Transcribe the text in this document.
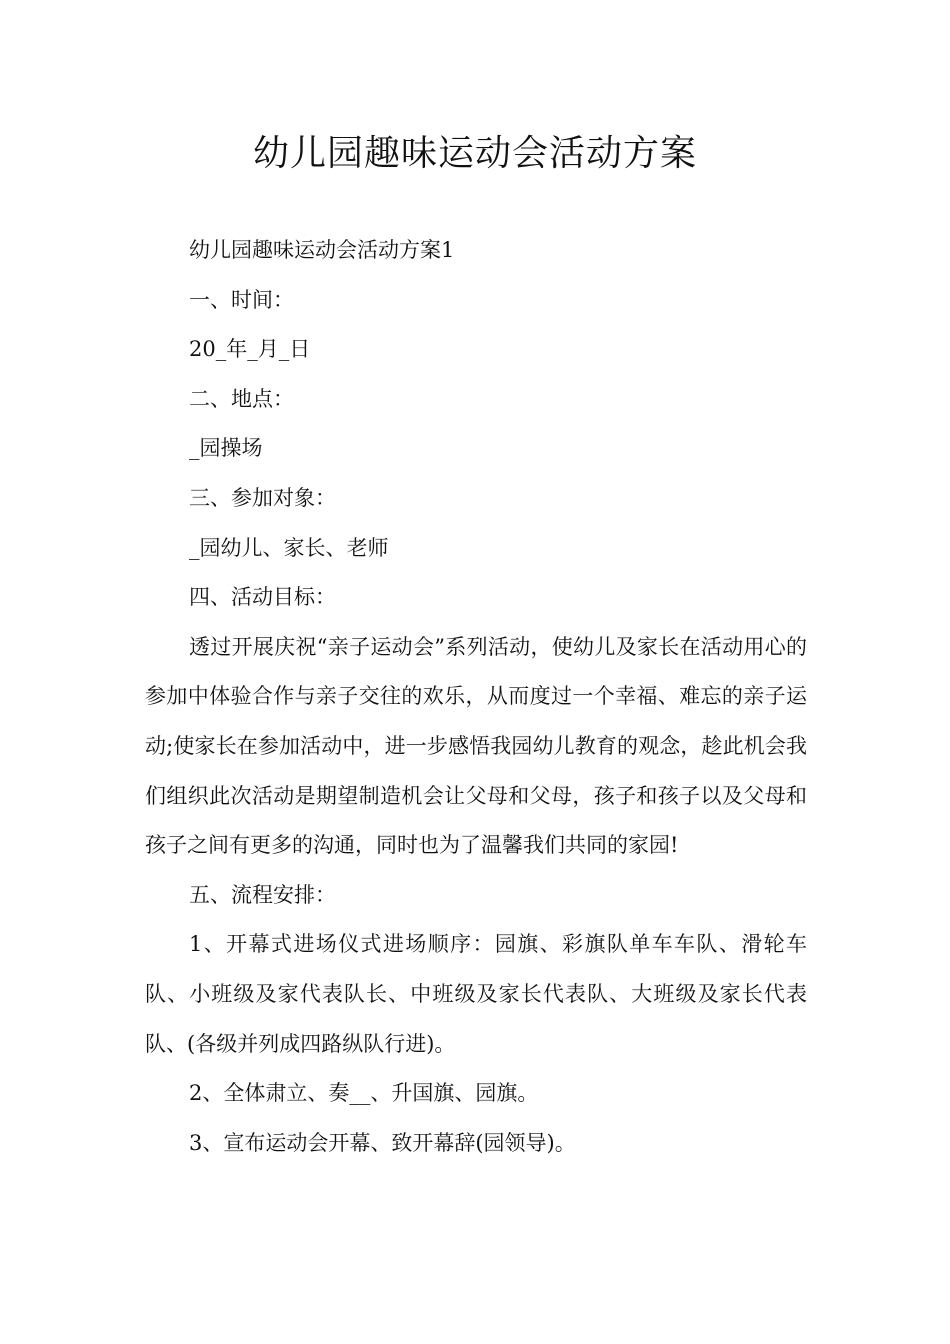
幼儿园趣味运动会活动方案

幼儿园趣味运动会活动方案1

一、时间：

20_年_月_日

二、地点：

_园操场

三、参加对象：

_园幼儿、家长、老师

四、活动目标：

透过开展庆祝“亲子运动会”系列活动，使幼儿及家长在活动用心的参加中体验合作与亲子交往的欢乐，从而度过一个幸福、难忘的亲子运动;使家长在参加活动中，进一步感悟我园幼儿教育的观念，趁此机会我们组织此次活动是期望制造机会让父母和父母，孩子和孩子以及父母和孩子之间有更多的沟通，同时也为了温馨我们共同的家园!

五、流程安排：

1、开幕式进场仪式进场顺序：园旗、彩旗队单车车队、滑轮车队、小班级及家代表队长、中班级及家长代表队、大班级及家长代表队、(各级并列成四路纵队行进)。

2、全体肃立、奏__、升国旗、园旗。

3、宣布运动会开幕、致开幕辞(园领导)。
